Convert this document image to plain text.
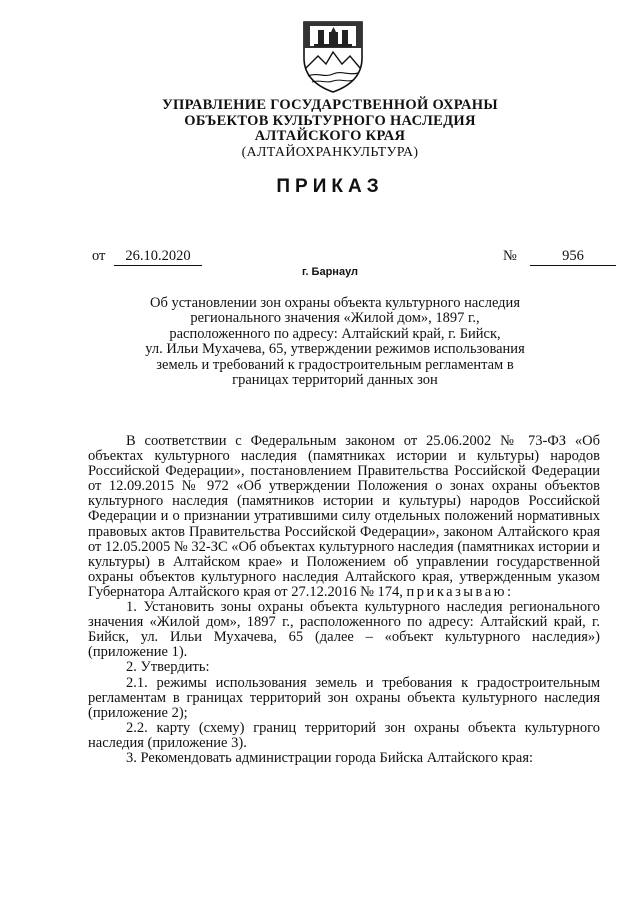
УПРАВЛЕНИЕ ГОСУДАРСТВЕННОЙ ОХРАНЫ
ОБЪЕКТОВ КУЛЬТУРНОГО НАСЛЕДИЯ
АЛТАЙСКОГО КРАЯ
(АЛТАЙОХРАНКУЛЬТУРА)
ПРИКАЗ
от	26.10.2020	№	956
г. Барнаул
Об установлении зон охраны объекта культурного наследия
регионального значения «Жилой дом», 1897 г.,
расположенного по адресу: Алтайский край, г. Бийск,
ул. Ильи Мухачева, 65, утверждении режимов использования
земель и требований к градостроительным регламентам в
границах территорий данных зон

В соответствии с Федеральным законом от 25.06.2002 № 73-ФЗ «Об объектах культурного наследия (памятниках истории и культуры) народов Российской Федерации», постановлением Правительства Российской Федерации от 12.09.2015 № 972 «Об утверждении Положения о зонах охраны объектов культурного наследия (памятников истории и культуры) народов Российской Федерации и о признании утратившими силу отдельных положений нормативных правовых актов Правительства Российской Федерации», законом Алтайского края от 12.05.2005 № 32-ЗС «Об объектах культурного наследия (памятниках истории и культуры) в Алтайском крае» и Положением об управлении государственной охраны объектов культурного наследия Алтайского края, утвержденным указом Губернатора Алтайского края от 27.12.2016 № 174, приказываю:

1. Установить зоны охраны объекта культурного наследия регионального значения «Жилой дом», 1897 г., расположенного по адресу: Алтайский край, г. Бийск, ул. Ильи Мухачева, 65 (далее – «объект культурного наследия») (приложение 1).

2. Утвердить:

2.1. режимы использования земель и требования к градостроительным регламентам в границах территорий зон охраны объекта культурного наследия (приложение 2);

2.2. карту (схему) границ территорий зон охраны объекта культурного наследия (приложение 3).

3. Рекомендовать администрации города Бийска Алтайского края:
